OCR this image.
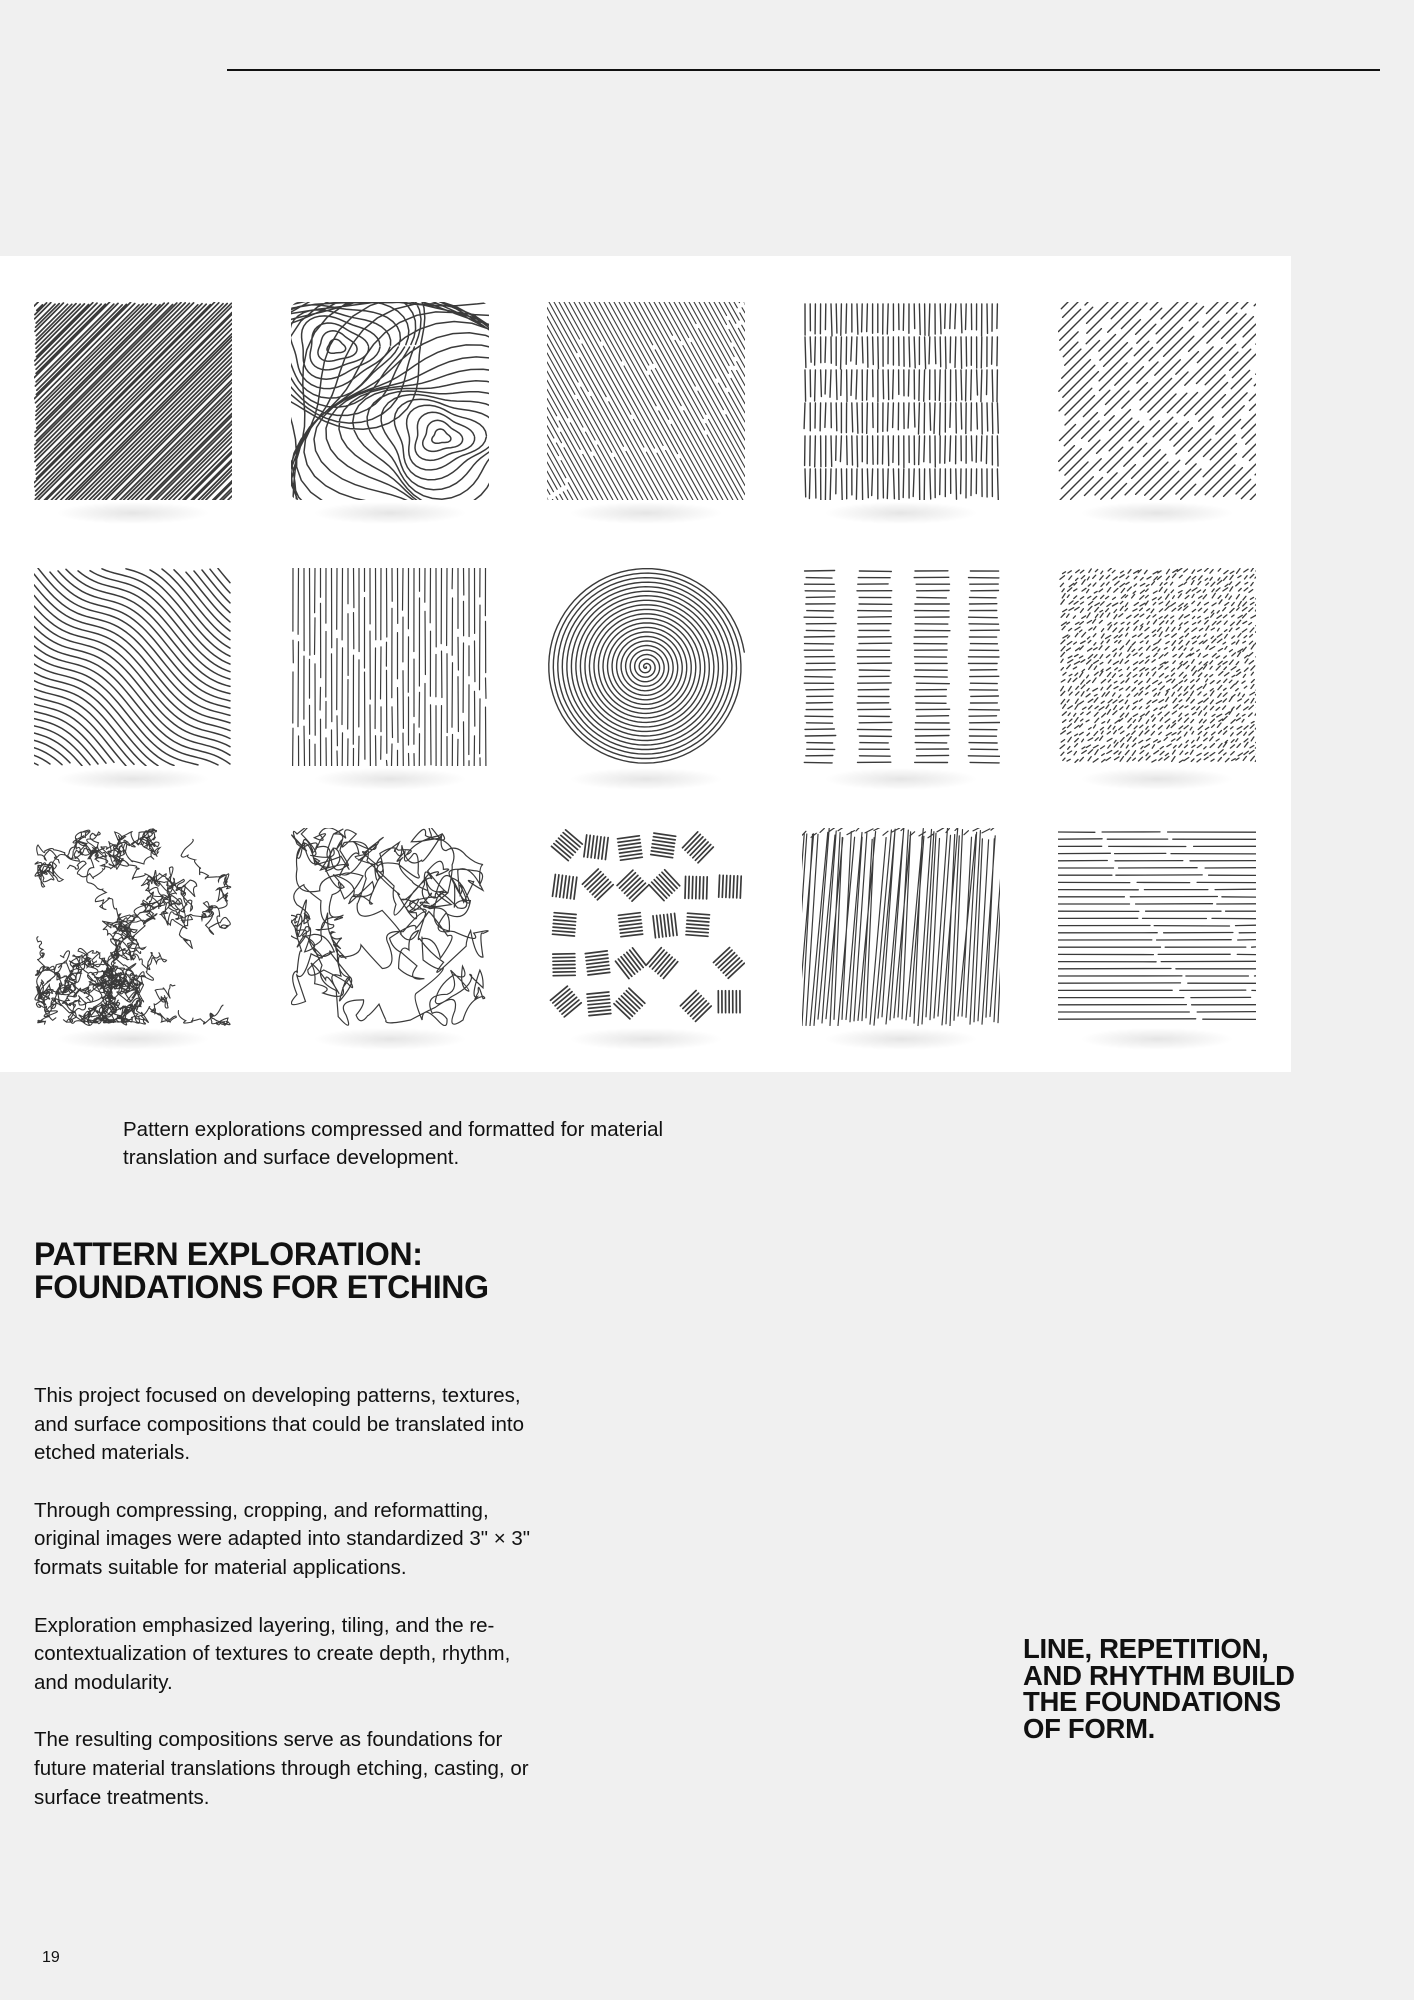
Pattern explorations compressed and formatted for material translation and surface development.

PATTERN EXPLORATION:
FOUNDATIONS FOR ETCHING

This project focused on developing patterns, textures, and surface compositions that could be translated into etched materials.

Through compressing, cropping, and reformatting, original images were adapted into standardized 3" × 3" formats suitable for material applications.

Exploration emphasized layering, tiling, and the re-contextualization of textures to create depth, rhythm, and modularity.

The resulting compositions serve as foundations for future material translations through etching, casting, or surface treatments.

LINE, REPETITION, AND RHYTHM BUILD THE FOUNDATIONS OF FORM.

19
